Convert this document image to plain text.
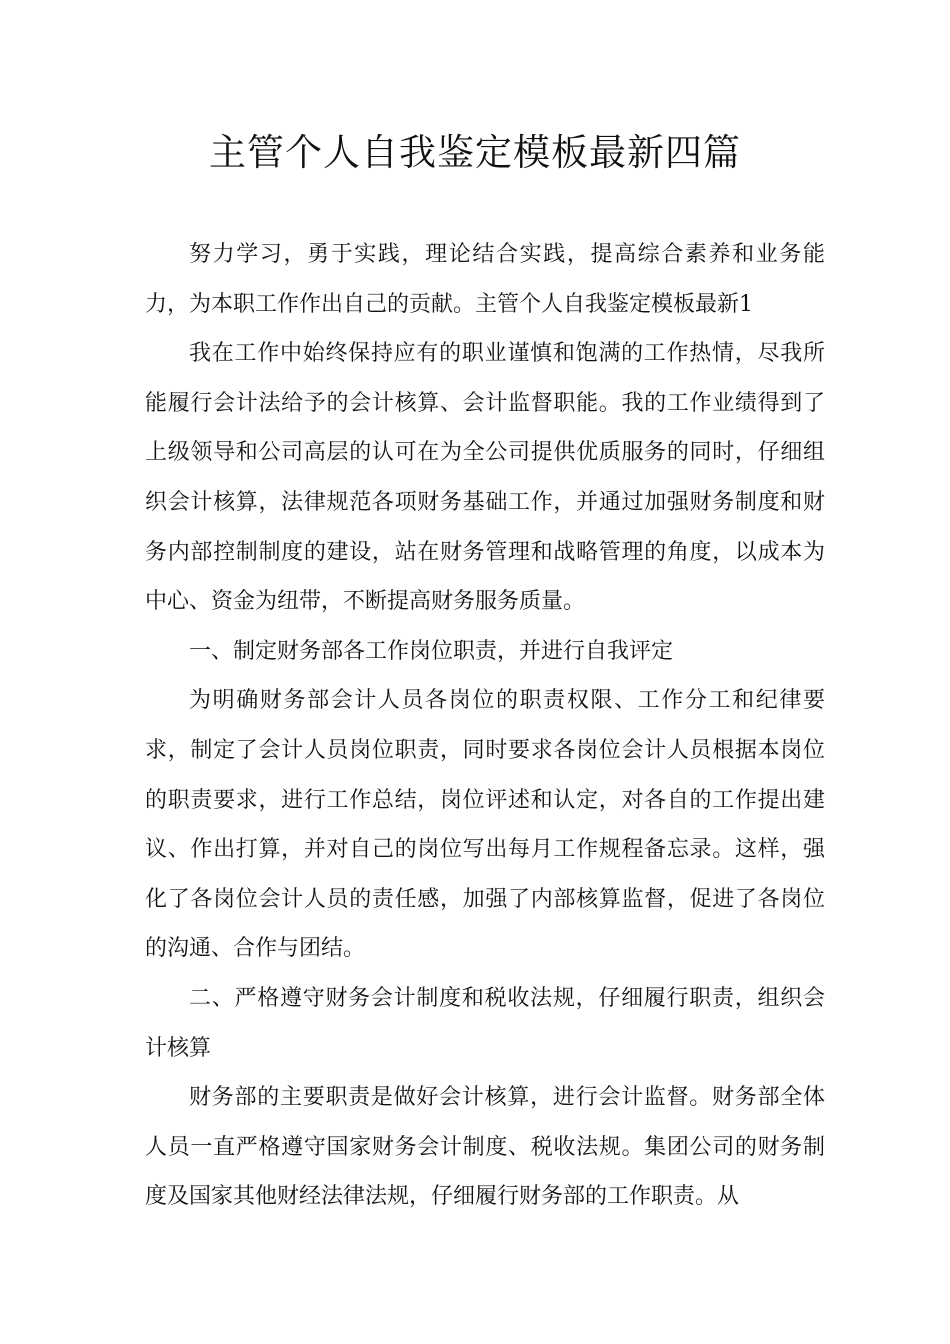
主管个人自我鉴定模板最新四篇

努力学习，勇于实践，理论结合实践，提高综合素养和业务能力，为本职工作作出自己的贡献。主管个人自我鉴定模板最新1

我在工作中始终保持应有的职业谨慎和饱满的工作热情，尽我所能履行会计法给予的会计核算、会计监督职能。我的工作业绩得到了上级领导和公司高层的认可在为全公司提供优质服务的同时，仔细组织会计核算，法律规范各项财务基础工作，并通过加强财务制度和财务内部控制制度的建设，站在财务管理和战略管理的角度，以成本为中心、资金为纽带，不断提高财务服务质量。

一、制定财务部各工作岗位职责，并进行自我评定

为明确财务部会计人员各岗位的职责权限、工作分工和纪律要求，制定了会计人员岗位职责，同时要求各岗位会计人员根据本岗位的职责要求，进行工作总结，岗位评述和认定，对各自的工作提出建议、作出打算，并对自己的岗位写出每月工作规程备忘录。这样，强化了各岗位会计人员的责任感，加强了内部核算监督，促进了各岗位的沟通、合作与团结。

二、严格遵守财务会计制度和税收法规，仔细履行职责，组织会计核算

财务部的主要职责是做好会计核算，进行会计监督。财务部全体人员一直严格遵守国家财务会计制度、税收法规。集团公司的财务制度及国家其他财经法律法规，仔细履行财务部的工作职责。从
